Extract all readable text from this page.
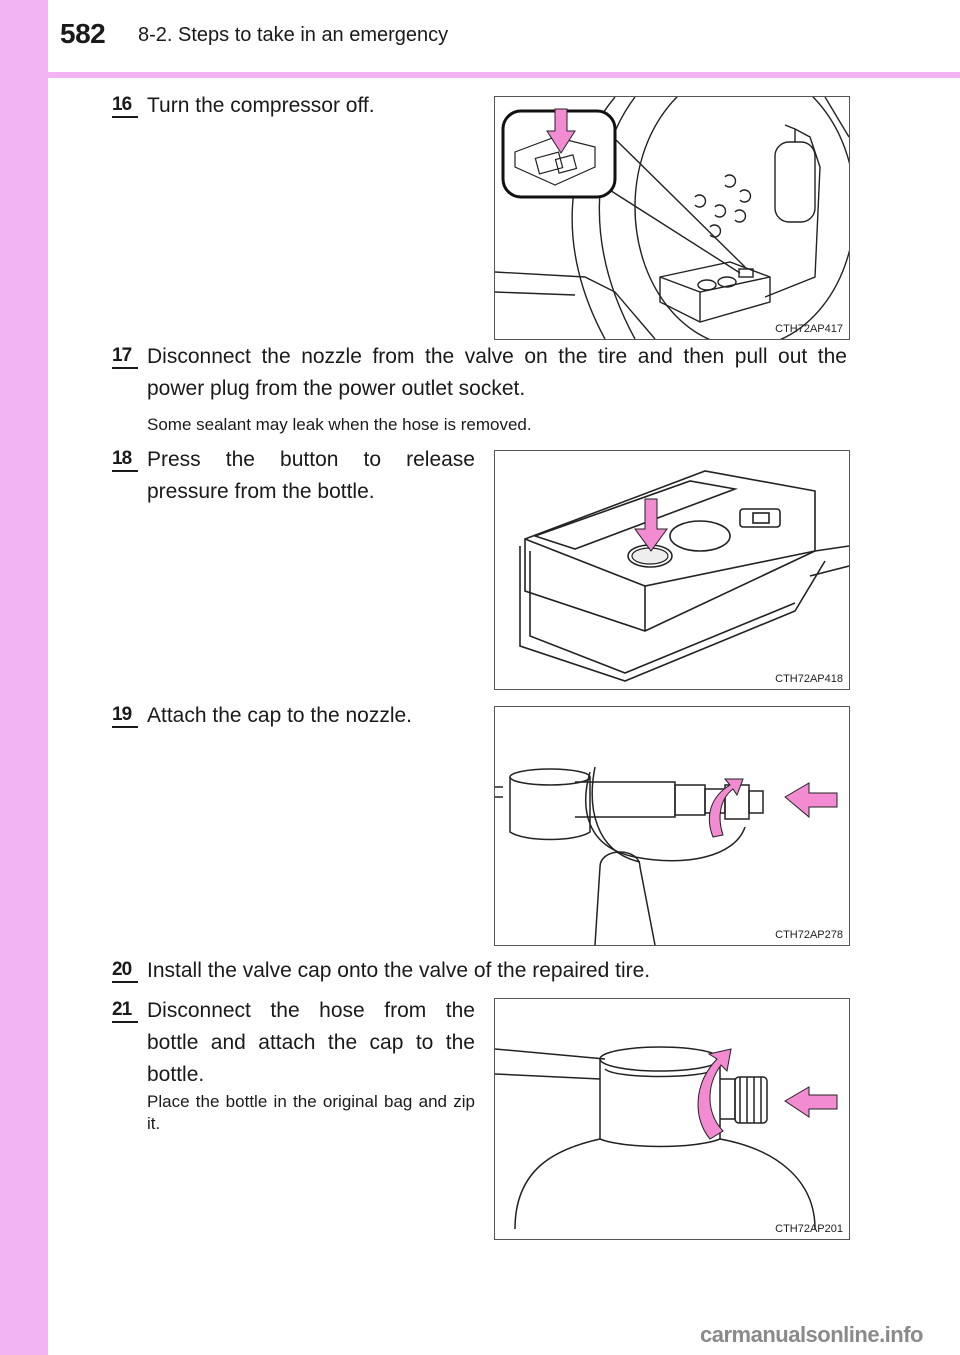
582 8-2. Steps to take in an emergency
16 Turn the compressor off.
CTH72AP417
17 Disconnect the nozzle from the valve on the tire and then pull out the power plug from the power outlet socket.
Some sealant may leak when the hose is removed.
18 Press the button to release pressure from the bottle.
CTH72AP418
19 Attach the cap to the nozzle.
CTH72AP278
20 Install the valve cap onto the valve of the repaired tire.
21 Disconnect the hose from the bottle and attach the cap to the bottle.
Place the bottle in the original bag and zip it.
CTH72AP201
carmanualsonline.info
